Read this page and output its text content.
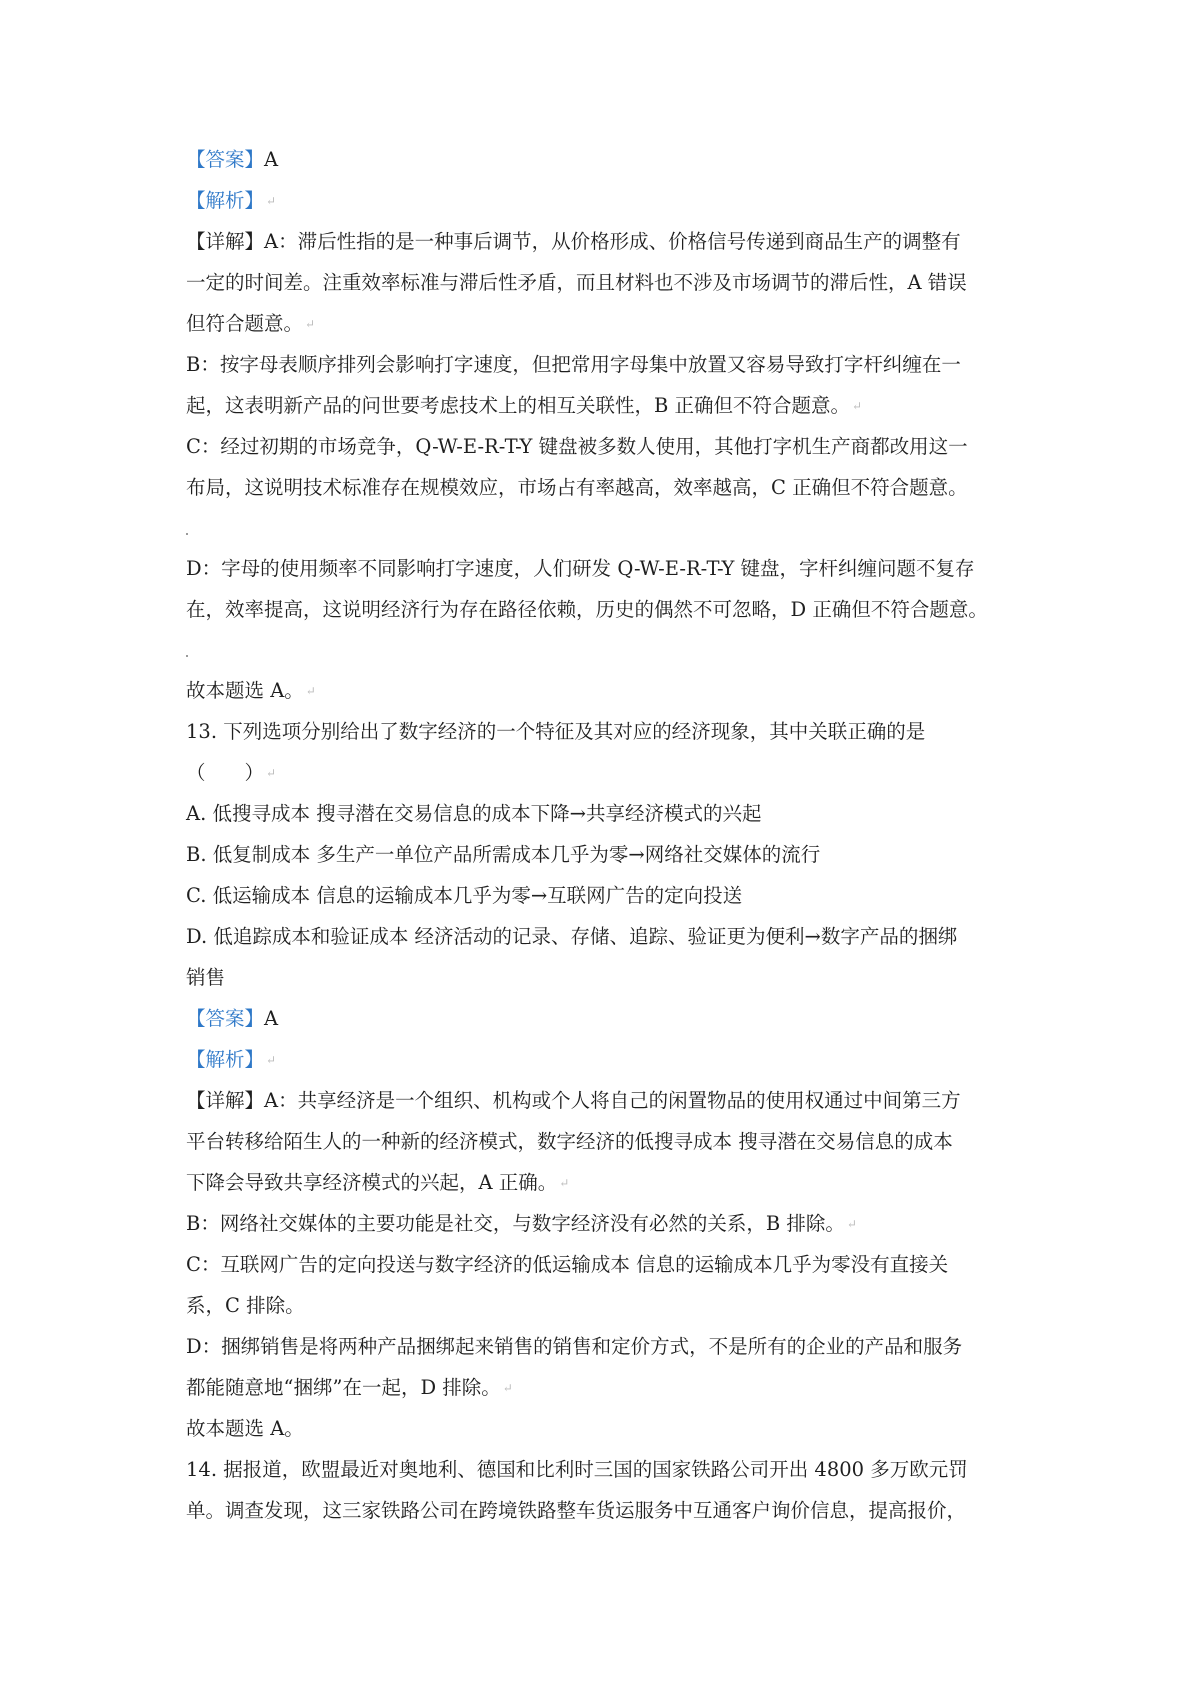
【答案】A
【解析】 ↵
【详解】A：滞后性指的是一种事后调节，从价格形成、价格信号传递到商品生产的调整有
一定的时间差。注重效率标准与滞后性矛盾，而且材料也不涉及市场调节的滞后性，A 错误
但符合题意。 ↵
B：按字母表顺序排列会影响打字速度，但把常用字母集中放置又容易导致打字杆纠缠在一
起，这表明新产品的问世要考虑技术上的相互关联性，B 正确但不符合题意。 ↵
C：经过初期的市场竞争，Q-W-E-R-T-Y 键盘被多数人使用，其他打字机生产商都改用这一
布局，这说明技术标准存在规模效应，市场占有率越高，效率越高，C 正确但不符合题意。
D：字母的使用频率不同影响打字速度，人们研发 Q-W-E-R-T-Y 键盘，字杆纠缠问题不复存
在，效率提高，这说明经济行为存在路径依赖，历史的偶然不可忽略，D 正确但不符合题意。
故本题选 A。 ↵
13. 下列选项分别给出了数字经济的一个特征及其对应的经济现象，其中关联正确的是
（　　） ↵
A. 低搜寻成本 搜寻潜在交易信息的成本下降→共享经济模式的兴起
B. 低复制成本 多生产一单位产品所需成本几乎为零→网络社交媒体的流行
C. 低运输成本 信息的运输成本几乎为零→互联网广告的定向投送
D. 低追踪成本和验证成本 经济活动的记录、存储、追踪、验证更为便利→数字产品的捆绑
销售
【答案】A
【解析】 ↵
【详解】A：共享经济是一个组织、机构或个人将自己的闲置物品的使用权通过中间第三方
平台转移给陌生人的一种新的经济模式，数字经济的低搜寻成本 搜寻潜在交易信息的成本
下降会导致共享经济模式的兴起，A 正确。 ↵
B：网络社交媒体的主要功能是社交，与数字经济没有必然的关系，B 排除。 ↵
C：互联网广告的定向投送与数字经济的低运输成本 信息的运输成本几乎为零没有直接关
系，C 排除。
D：捆绑销售是将两种产品捆绑起来销售的销售和定价方式，不是所有的企业的产品和服务
都能随意地“捆绑”在一起，D 排除。 ↵
故本题选 A。
14. 据报道，欧盟最近对奥地利、德国和比利时三国的国家铁路公司开出 4800 多万欧元罚
单。调查发现，这三家铁路公司在跨境铁路整车货运服务中互通客户询价信息，提高报价，
